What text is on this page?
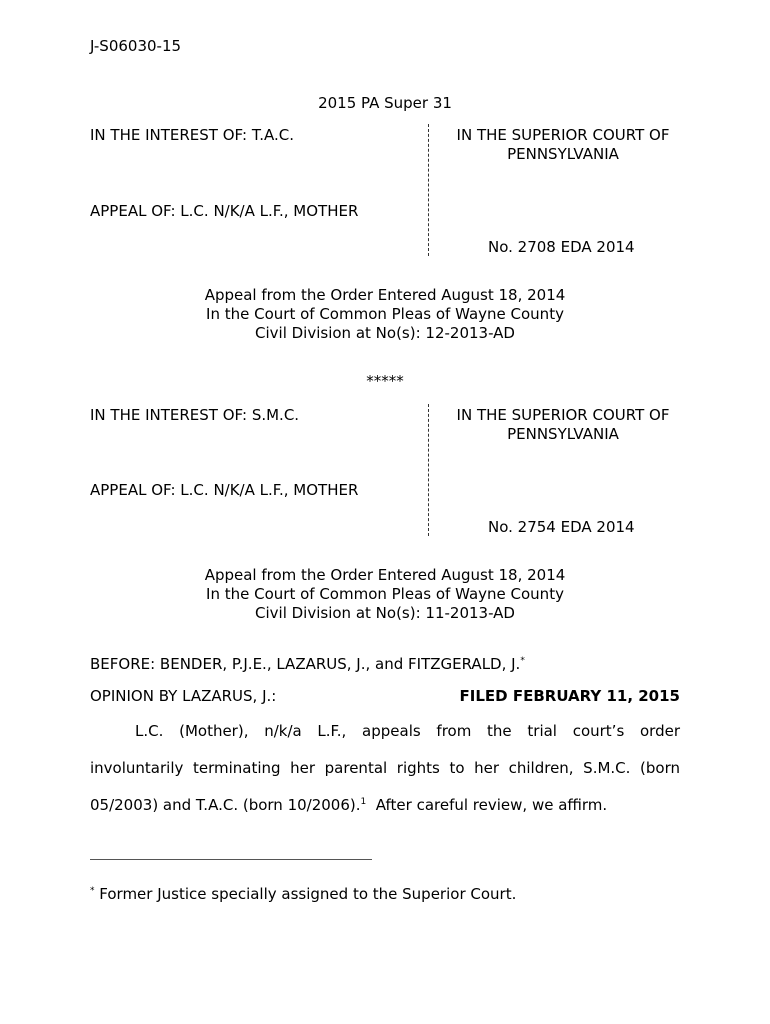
J-S06030-15
2015 PA Super 31
IN THE INTEREST OF: T.A.C.	IN THE SUPERIOR COURT OF
PENNSYLVANIA
APPEAL OF: L.C. N/K/A L.F., MOTHER
No. 2708 EDA 2014
Appeal from the Order Entered August 18, 2014
In the Court of Common Pleas of Wayne County
Civil Division at No(s): 12-2013-AD
*****
IN THE INTEREST OF: S.M.C.	IN THE SUPERIOR COURT OF
PENNSYLVANIA
APPEAL OF: L.C. N/K/A L.F., MOTHER
No. 2754 EDA 2014
Appeal from the Order Entered August 18, 2014
In the Court of Common Pleas of Wayne County
Civil Division at No(s): 11-2013-AD
BEFORE: BENDER, P.J.E., LAZARUS, J., and FITZGERALD, J.*
OPINION BY LAZARUS, J.:	FILED FEBRUARY 11, 2015
L.C. (Mother), n/k/a L.F., appeals from the trial court’s order
involuntarily terminating her parental rights to her children, S.M.C. (born
05/2003) and T.A.C. (born 10/2006).$^1$  After careful review, we affirm.
* Former Justice specially assigned to the Superior Court.
